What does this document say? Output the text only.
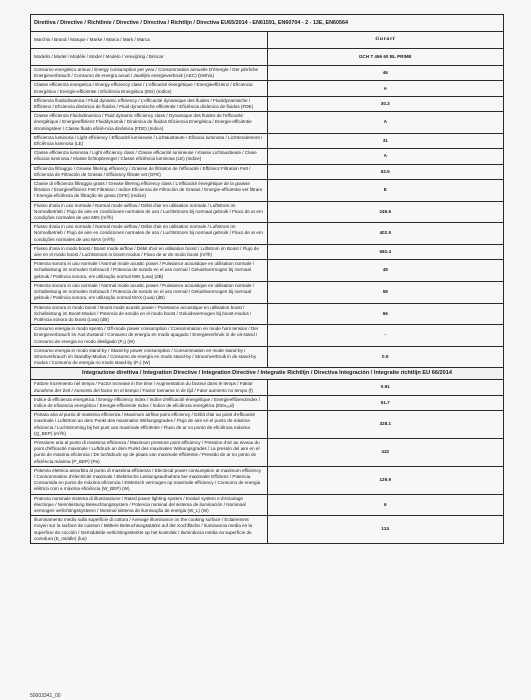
Direttiva / Directive / Richtlinie / Directive / Directiva / Richtlijn / Directiva EU65/2014 - EN61591, EN60704 - 2 - 13E, EN60564	
Marchio / Brand / Marque / Marke / Marca / Mark / Marca	Gurari
Modello / Model / Modèle / Model / Modelo / Verwijzing / Brincar	GCH T 466 60 BL PRIME
Consumo energetico annuo / Energy consumption per year / Consommation annuelle D'énergie / Der jahrliche Energieverbrauch / Consumo de energía anual / Jaarlijks energieverbruik (AEC) (kWh/a)	46
Classe efficienza energetica / Energy efficiency class / L'efficacité énergétique / Energieeffizienz / Eficiencia Energética / Energie-efficiëntie / Eficiência Energética (EEI) (Indice)	A
Efficienza fluidodinamica / Fluid dynamic efficiency / L'efficacité dynamique des fluides / Fluiddynamische / Effizienz / Eficiencia dinámica de fluidos / Fluid dynamische efficiëntie / Eficiência dinâmica de fluidos (FDE)	30.3
Classe efficienza Fluidodinamica / Fluid dynamic efficiency class / Dynamique des fluides de l'efficacité énergétique / Energieeffizienz Fluiddynamik / Dinámica de fluidos Eficiencia Energética / Energie-efficiëntie stromingsleer / Classe fluido eficiê-ncia dinâmica (FDE) (Indice)	A
Efficienza luminosa / Light efficiency / Efficacité lumineuse / Lichtausbeute / Eficacia luminosa / Lichtrendement / Eficiência luminosa (LE)	31
Classe efficienza luminosa / Light efficiency class / Classe efficacité lumineuse / Klasse Lichtausbeute / Clase eficacia luminosa / Klasse lichtopbrengst / Classe eficiência luminosa (LE) (Indice)	A
Efficienza filtraggio / Grease filtering efficiency / Graisse de filtration de l'efficacité / Effizienz Filtration Fett / Eficiencia de Filtración de Grasas / Efficiency filtrate vet (GFE)	62.5
Classe di efficienza filtraggio grass / Grease filtering efficiency class / L'efficacité énergétique de la graisse filtration / Energieeffizienz Fett Filtration / Indice Eficiencia de Filtración de Grasas / Energie-efficiëntie vet filtrare / Energia eficiência de filtração de grasa (GFE) (Indice)	E
Flusso d'aria in uso normale / Normal mode airflow / Débit d'air en utilisation normale / Luftstrom im Normalbetrieb / Flujo de aire en condiciones normales de uso / Luchtstroom bij normaal gebruik / Fluxo de ar em condições normales de uso MIN (m³/h)	245.6
Flusso d'aria in uso normale / Normal mode airflow / Débit d'air en utilisation normale / Luftstrom im Normalbetrieb / Flujo de aire en condiciones normales de uso / Luchtstroom bij normaal gebruik / Fluxo de ar em condições normales de uso MAX (m³/h)	402.5
Flusso d'aria in modo boost / Boost mode airflow / Débit d'air en utilisation boost / Luftstrom im Boost / Flujo de aire en el modo boost / Luchtstroom in boost-modus / Fluxo de ar de modo boost (m³/h)	682.4
Potenza sonora in uso normale / Normal mode acustic power / Puissance acoustique en utilisation normale / Schalleistung im normalen Gebrauch / Potencia de sonido en el uso normal / Geluidsvermogen bij normaal gebruik / Potência sonora, em utilização normal MIN (Lwa) (dB)	49
Potenza sonora in uso normale / Normal mode acustic power / Puissance acoustique en utilisation normale / Schalleistung im normalen Gebrauch / Potencia de sonido en el uso normal / Geluidsvermogen bij normaal gebruik / Potência sonora, em utilização normal MAX (Lwa) (dB)	58
Potenza sonora in modo boost / Boost mode acustic power / Puissance acoustique en utilisation boost / Schalleistung im Boost-Modus / Potencia de sonido en el modo boost / Geluidsvermogen bij boost-modus / Potência sonora do boost (Lwa) (dB)	66
Consumo energia in modo spento / Off-mode power consumption / Consommation en mode hors tension / Der Energieverbrauch im Aus-Zustand / Consumo de energía en modo apagado / Energieverbruik in de uit-stand / Consumo de energia no modo desligado (P₀) (W)	-
Consumo energia in modo stand-by / Stand-by power consumption / Consommation en mode stand-by / Stromverbrauch im Standby-Modus / Consumo de energía en modo stand-by / Stroomverbruik in de stand-by modus / Consumo de energia no modo stand-by (Pₛ) (W)	0.5
Integrazione direttiva / Integration Directive / Integration Directive / Integratie Richtlijn / Directiva Integración / Integratie richtlijn EU 66/2014	
Fattore Incremento nel tempo / Factor Increase in the time / Augmentation du facteur dans le temps / Faktor Zunahme der Zeit / Aumento del factor en el tiempo / Factor toename in de tijd / Fator aumento no tempo (f)	0.91
Indice di efficienza energetica / Energy efficiency Index / Indice d'efficacité énergétique / Energieeffizienzindex / Indice de eficiencia energética / Energie-efficiëntie Index / Índice de eficiência energética (EEIₕₒₒd)	51.7
Portata aria al punto di massima efficienza / Maximum airflow point efficiency / Débit d'air au point d'efficacité maximale / Luftstrom an dem Punkt des maximalen Wirkungsgrades / Flujo de aire en el punto de máxima eficiencia / Luchtstroming bij het punt van maximale efficiëntie / Fluxo de ar no ponto de eficiência máxima (Q_BEP) (m³/h)	328.1
Pressione aria al punto di massima efficienza / Maximum pressure point efficiency / Pression d'air au niveau du point d'efficacité maximale / Luftdruck an dem Punkt des maximalen Wirkungsgrades / La presión del aire en el punto de máxima eficiencia / De luchtdruck op de plaats van maximale efficiëntie / Pressão de ar no ponto de eficiência máxima (P_BEP) (Pa)	432
Potenza elettrica assorbita al punto di massima efficienza / Electrical power consumption at maximum efficiency / Consommation d'électricité maximale / Elektrische Leistungsaufnahme bei maximaler Effizienz / Potencia Consumida en punto de máxima eficiencia / Elektrisch vermogen op maximale efficiency / Consumo de energia elétrica com a máxima eficiência (W_BEP) (W)	129.9
Potenza nominale sistema di illuminazione / Rated power lighting system / Evalué system e d'éclairage électrique / Nennleistung Beleuchtungssystem / Potencia nominal del sistema de iluminación / Nominaal vermogen verlichtingssysteem / Nominal sistema de iluminação de energia (W_L) (W)	6
Illuminamento medio sulla superficie di cottura / Average illuminance on the cooking surface / Éclairement moyen sur la surface de cuisson / Mittlere Beleuchtungsstärke auf der Kochfläche / Iluminancia media en la superficie de cocción / Gemiddelde verlichtingssterkte op het kookvlak / Iluminância média na superfície de cozedura (E_middle) (lux)	124
50003341_00
